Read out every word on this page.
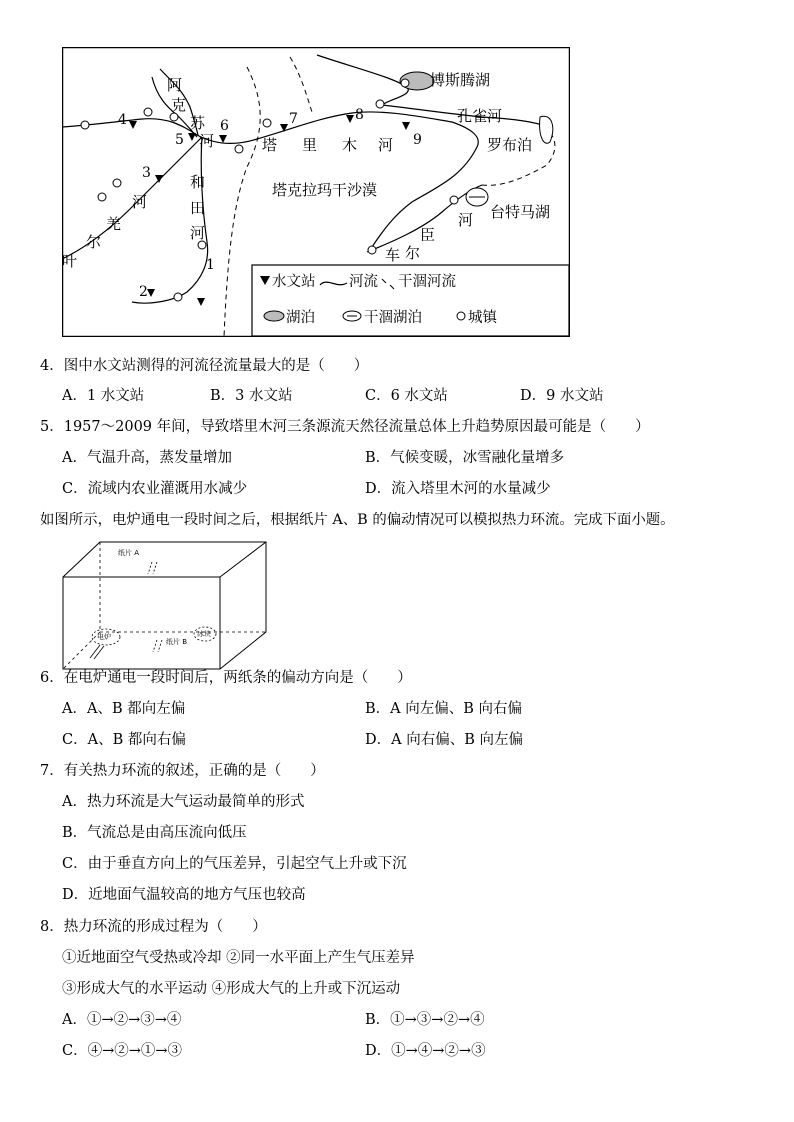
1
2
3
4
5
6	7	8
9
博斯腾湖
孔雀河
罗布泊
台特马湖
塔克拉玛干沙漠
阿
克
苏
河
和
田
河
河
羌
尔
叶
塔 里 木 河
河
臣
尔
车
水文站 河流 干涸河流
湖泊	干涸湖泊	城镇
4．图中水文站测得的河流径流量最大的是（　　）
A．1 水文站	B．3 水文站	C．6 水文站	D．9 水文站
5．1957～2009 年间，导致塔里木河三条源流天然径流量总体上升趋势原因最可能是（　　）
A．气温升高，蒸发量增加	B．气候变暖，冰雪融化量增多
C．流域内农业灌溉用水减少	D．流入塔里木河的水量减少
如图所示，电炉通电一段时间之后，根据纸片 A、B 的偏动情况可以模拟热力环流。完成下面小题。
纸片 A
纸片 B
电炉	冰块
6．在电炉通电一段时间后，两纸条的偏动方向是（　　）
A．A、B 都向左偏	B．A 向左偏、B 向右偏
C．A、B 都向右偏	D．A 向右偏、B 向左偏
7．有关热力环流的叙述，正确的是（　　）
A．热力环流是大气运动最简单的形式
B．气流总是由高压流向低压
C．由于垂直方向上的气压差异，引起空气上升或下沉
D．近地面气温较高的地方气压也较高
8．热力环流的形成过程为（　　）
①近地面空气受热或冷却 ②同一水平面上产生气压差异
③形成大气的水平运动 ④形成大气的上升或下沉运动
A．①→②→③→④	B．①→③→②→④
C．④→②→①→③	D．①→④→②→③
